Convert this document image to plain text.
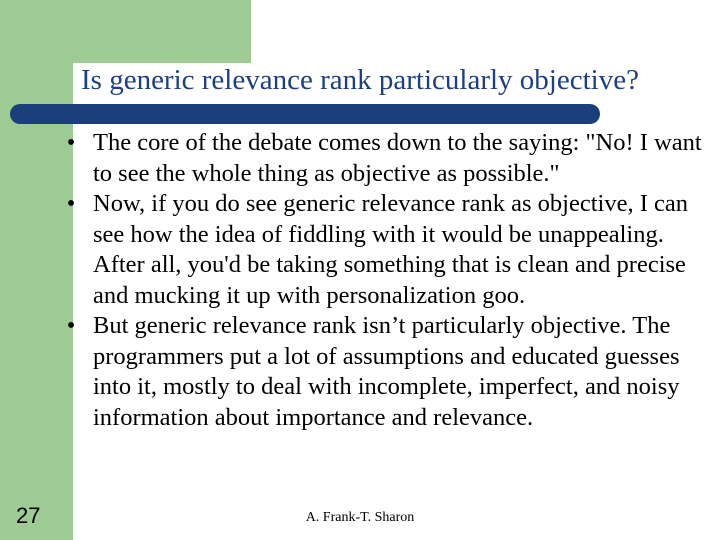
Is generic relevance rank particularly objective?
• The core of the debate comes down to the saying: "No! I want to see the whole thing as objective as possible."
• Now, if you do see generic relevance rank as objective, I can see how the idea of fiddling with it would be unappealing. After all, you'd be taking something that is clean and precise and mucking it up with personalization goo.
• But generic relevance rank isn’t particularly objective. The programmers put a lot of assumptions and educated guesses into it, mostly to deal with incomplete, imperfect, and noisy information about importance and relevance.
27	A. Frank-T. Sharon
